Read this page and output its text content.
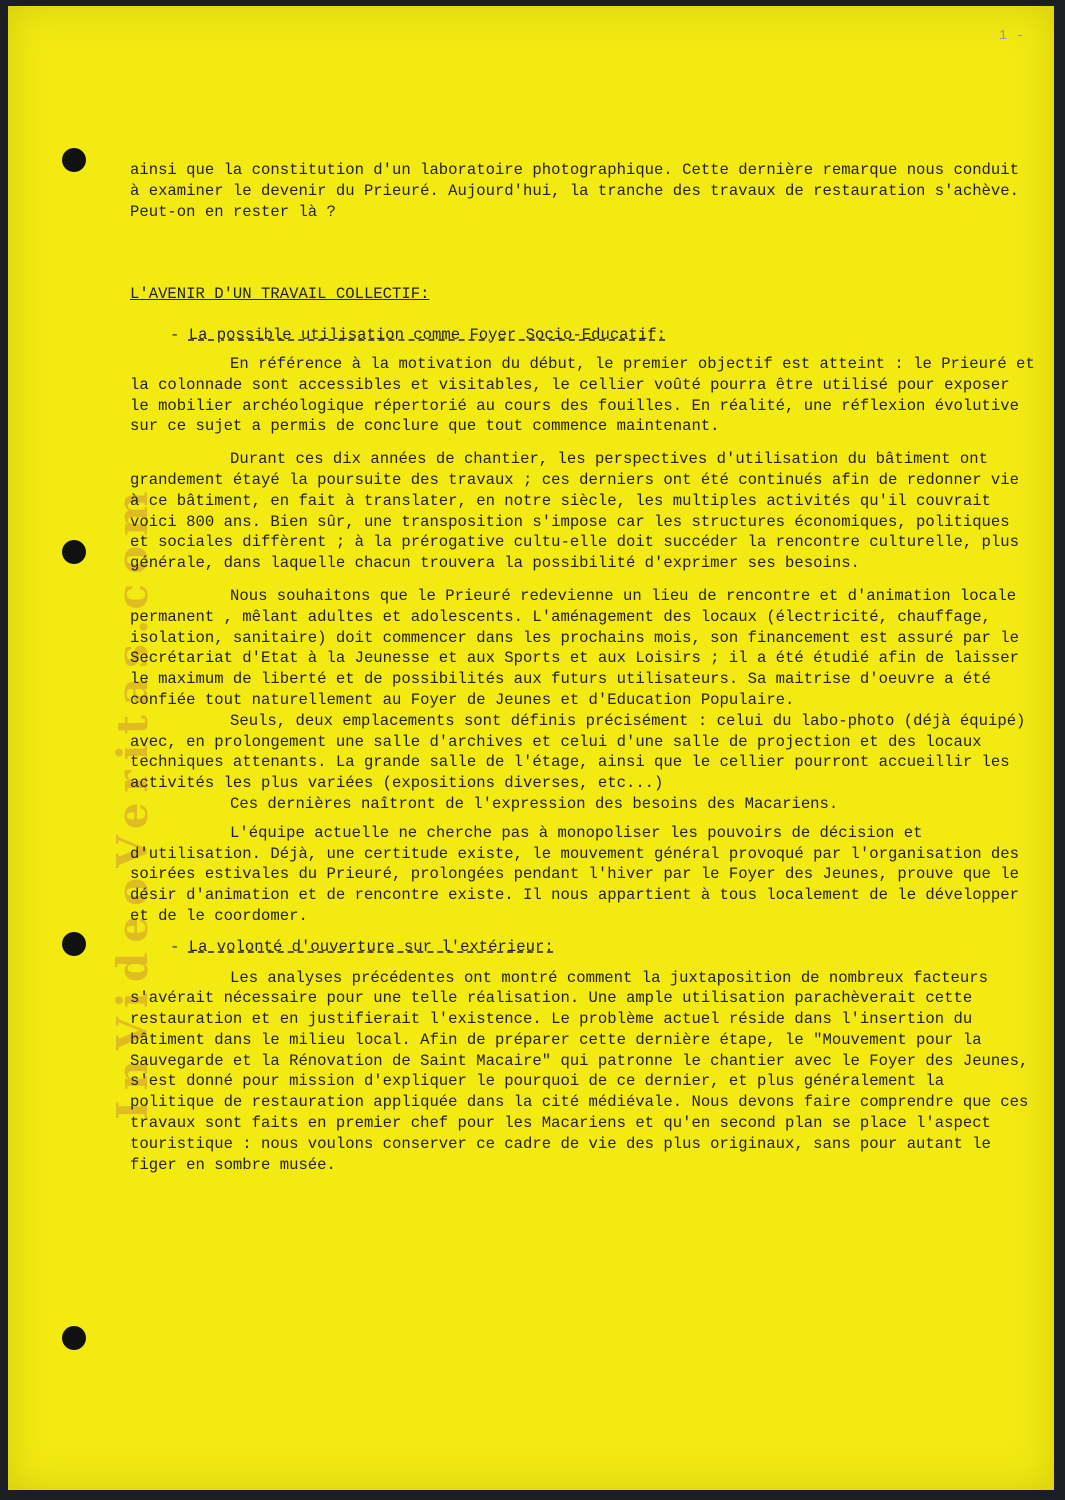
1 -
InVideoVeritas.com

ainsi que la constitution d'un laboratoire photographique. Cette dernière remarque nous conduit à examiner le devenir du Prieuré. Aujourd'hui, la tranche des travaux de restauration s'achève. Peut-on en rester là ?

L'AVENIR D'UN TRAVAIL COLLECTIF:

- La possible utilisation comme Foyer Socio-Educatif:

En référence à la motivation du début, le premier objectif est atteint : le Prieuré et la colonnade sont accessibles et visitables, le cellier voûté pourra être utilisé pour exposer le mobilier archéologique répertorié au cours des fouilles. En réalité, une réflexion évolutive sur ce sujet a permis de conclure que tout commence maintenant.

Durant ces dix années de chantier, les perspectives d'utilisation du bâtiment ont grandement étayé la poursuite des travaux ; ces derniers ont été continués afin de redonner vie à ce bâtiment, en fait à translater, en notre siècle, les multiples activités qu'il couvrait voici 800 ans. Bien sûr, une transposition s'impose car les structures économiques, politiques et sociales diffèrent ; à la prérogative cultu-elle doit succéder la rencontre culturelle, plus générale, dans laquelle chacun trouvera la possibilité d'exprimer ses besoins.

Nous souhaitons que le Prieuré redevienne un lieu de rencontre et d'animation locale permanent , mêlant adultes et adolescents. L'aménagement des locaux (électricité, chauffage, isolation, sanitaire) doit commencer dans les prochains mois, son financement est assuré par le Secrétariat d'Etat à la Jeunesse et aux Sports et aux Loisirs ; il a été étudié afin de laisser le maximum de liberté et de possibilités aux futurs utilisateurs. Sa maitrise d'oeuvre a été confiée tout naturellement au Foyer de Jeunes et d'Education Populaire.

Seuls, deux emplacements sont définis précisément : celui du labo-photo (déjà équipé) avec, en prolongement une salle d'archives et celui d'une salle de projection et des locaux techniques attenants. La grande salle de l'étage, ainsi que le cellier pourront accueillir les activités les plus variées (expositions diverses, etc...)

Ces dernières naîtront de l'expression des besoins des Macariens.

L'équipe actuelle ne cherche pas à monopoliser les pouvoirs de décision et d'utilisation. Déjà, une certitude existe, le mouvement général provoqué par l'organisation des soirées estivales du Prieuré, prolongées pendant l'hiver par le Foyer des Jeunes, prouve que le désir d'animation et de rencontre existe. Il nous appartient à tous localement de le développer et de le coordomer.

- La volonté d'ouverture sur l'extérieur:

Les analyses précédentes ont montré comment la juxtaposition de nombreux facteurs s'avérait nécessaire pour une telle réalisation. Une ample utilisation parachèverait cette restauration et en justifierait l'existence. Le problème actuel réside dans l'insertion du bâtiment dans le milieu local. Afin de préparer cette dernière étape, le "Mouvement pour la Sauvegarde et la Rénovation de Saint Macaire" qui patronne le chantier avec le Foyer des Jeunes, s'est donné pour mission d'expliquer le pourquoi de ce dernier, et plus généralement la politique de restauration appliquée dans la cité médiévale. Nous devons faire comprendre que ces travaux sont faits en premier chef pour les Macariens et qu'en second plan se place l'aspect touristique : nous voulons conserver ce cadre de vie des plus originaux, sans pour autant le figer en sombre musée.
